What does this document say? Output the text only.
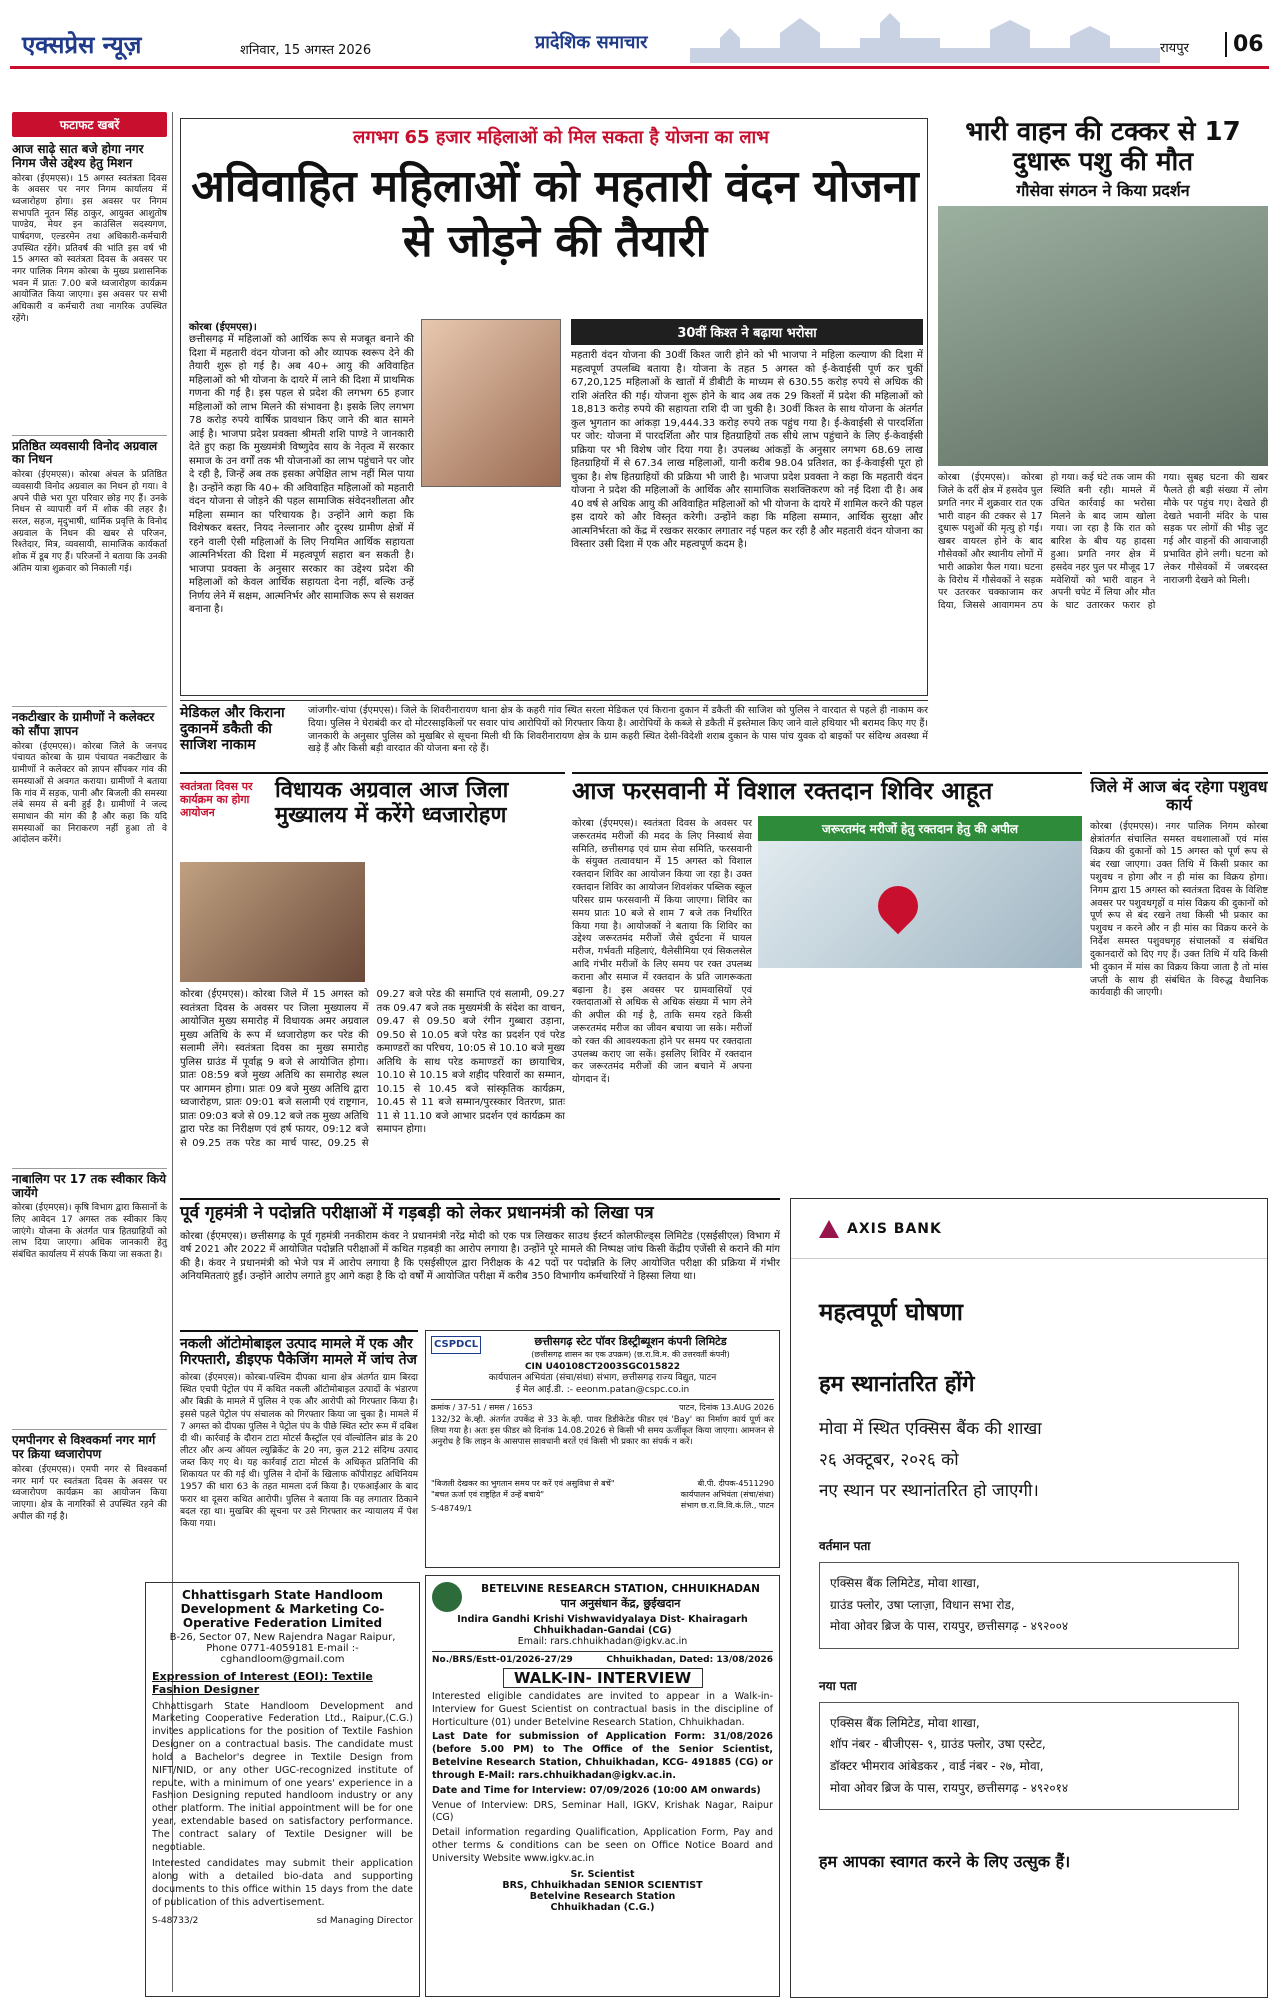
एक्सप्रेस न्यूज़	शनिवार, 15 अगस्त 2026	प्रादेशिक समाचार	रायपुर	06
फटाफट खबरें
आज साढ़े सात बजे होगा नगर निगम जैसे उद्देश्य हेतु मिशन
कोरबा (ईएमएस)। 15 अगस्त स्वतंत्रता दिवस के अवसर पर नगर निगम कार्यालय में ध्वजारोहण होगा। इस अवसर पर निगम सभापति नूतन सिंह ठाकुर, आयुक्त आशुतोष पाण्डेय, मेयर इन काउंसिल सदस्यगण, पार्षदगण, एल्डरमेन तथा अधिकारी-कर्मचारी उपस्थित रहेंगे। प्रतिवर्ष की भांति इस वर्ष भी 15 अगस्त को स्वतंत्रता दिवस के अवसर पर नगर पालिक निगम कोरबा के मुख्य प्रशासनिक भवन में प्रातः 7.00 बजे ध्वजारोहण कार्यक्रम आयोजित किया जाएगा। इस अवसर पर सभी अधिकारी व कर्मचारी तथा नागरिक उपस्थित रहेंगे।
प्रतिष्ठित व्यवसायी विनोद अग्रवाल का निधन
कोरबा (ईएमएस)। कोरबा अंचल के प्रतिष्ठित व्यवसायी विनोद अग्रवाल का निधन हो गया। वे अपने पीछे भरा पूरा परिवार छोड़ गए हैं। उनके निधन से व्यापारी वर्ग में शोक की लहर है। सरल, सहज, मृदुभाषी, धार्मिक प्रवृत्ति के विनोद अग्रवाल के निधन की खबर से परिजन, रिश्तेदार, मित्र, व्यवसायी, सामाजिक कार्यकर्ता शोक में डूब गए हैं। परिजनों ने बताया कि उनकी अंतिम यात्रा शुक्रवार को निकाली गई।
नकटीखार के ग्रामीणों ने कलेक्टर को सौंपा ज्ञापन
कोरबा (ईएमएस)। कोरबा जिले के जनपद पंचायत कोरबा के ग्राम पंचायत नकटीखार के ग्रामीणों ने कलेक्टर को ज्ञापन सौंपकर गांव की समस्याओं से अवगत कराया। ग्रामीणों ने बताया कि गांव में सड़क, पानी और बिजली की समस्या लंबे समय से बनी हुई है। ग्रामीणों ने जल्द समाधान की मांग की है और कहा कि यदि समस्याओं का निराकरण नहीं हुआ तो वे आंदोलन करेंगे।
नाबालिग पर 17 तक स्वीकार किये जायेंगे
कोरबा (ईएमएस)। कृषि विभाग द्वारा किसानों के लिए आवेदन 17 अगस्त तक स्वीकार किए जाएंगे। योजना के अंतर्गत पात्र हितग्राहियों को लाभ दिया जाएगा। अधिक जानकारी हेतु संबंधित कार्यालय में संपर्क किया जा सकता है।
एमपीनगर से विश्वकर्मा नगर मार्ग पर क्रिया ध्वजारोपण
कोरबा (ईएमएस)। एमपी नगर से विश्वकर्मा नगर मार्ग पर स्वतंत्रता दिवस के अवसर पर ध्वजारोपण कार्यक्रम का आयोजन किया जाएगा। क्षेत्र के नागरिकों से उपस्थित रहने की अपील की गई है।
लगभग 65 हजार महिलाओं को मिल सकता है योजना का लाभ
अविवाहित महिलाओं को महतारी वंदन योजना से जोड़ने की तैयारी
कोरबा (ईएमएस)।
छत्तीसगढ़ में महिलाओं को आर्थिक रूप से मजबूत बनाने की दिशा में महतारी वंदन योजना को और व्यापक स्वरूप देने की तैयारी शुरू हो गई है। अब 40+ आयु की अविवाहित महिलाओं को भी योजना के दायरे में लाने की दिशा में प्राथमिक गणना की गई है। इस पहल से प्रदेश की लगभग 65 हजार महिलाओं को लाभ मिलने की संभावना है। इसके लिए लगभग 78 करोड़ रुपये वार्षिक प्रावधान किए जाने की बात सामने आई है। भाजपा प्रदेश प्रवक्ता श्रीमती शशि पाण्डे ने जानकारी देते हुए कहा कि मुख्यमंत्री विष्णुदेव साय के नेतृत्व में सरकार समाज के उन वर्गों तक भी योजनाओं का लाभ पहुंचाने पर जोर दे रही है, जिन्हें अब तक इसका अपेक्षित लाभ नहीं मिल पाया है। उन्होंने कहा कि 40+ की अविवाहित महिलाओं को महतारी वंदन योजना से जोड़ने की पहल सामाजिक संवेदनशीलता और महिला सम्मान का परिचायक है। उन्होंने आगे कहा कि विशेषकर बस्तर, नियद नेल्लानार और दूरस्थ ग्रामीण क्षेत्रों में रहने वाली ऐसी महिलाओं के लिए नियमित आर्थिक सहायता आत्मनिर्भरता की दिशा में महत्वपूर्ण सहारा बन सकती है। भाजपा प्रवक्ता के अनुसार सरकार का उद्देश्य प्रदेश की महिलाओं को केवल आर्थिक सहायता देना नहीं, बल्कि उन्हें निर्णय लेने में सक्षम, आत्मनिर्भर और सामाजिक रूप से सशक्त बनाना है।
30वीं किश्त ने बढ़ाया भरोसा
महतारी वंदन योजना की 30वीं किश्त जारी होने को भी भाजपा ने महिला कल्याण की दिशा में महत्वपूर्ण उपलब्धि बताया है। योजना के तहत 5 अगस्त को ई-केवाईसी पूर्ण कर चुकीं 67,20,125 महिलाओं के खातों में डीबीटी के माध्यम से 630.55 करोड़ रुपये से अधिक की राशि अंतरित की गई। योजना शुरू होने के बाद अब तक 29 किश्तों में प्रदेश की महिलाओं को 18,813 करोड़ रुपये की सहायता राशि दी जा चुकी है। 30वीं किश्त के साथ योजना के अंतर्गत कुल भुगतान का आंकड़ा 19,444.33 करोड़ रुपये तक पहुंच गया है। ई-केवाईसी से पारदर्शिता पर जोर: योजना में पारदर्शिता और पात्र हितग्राहियों तक सीधे लाभ पहुंचाने के लिए ई-केवाईसी प्रक्रिया पर भी विशेष जोर दिया गया है। उपलब्ध आंकड़ों के अनुसार लगभग 68.69 लाख हितग्राहियों में से 67.34 लाख महिलाओं, यानी करीब 98.04 प्रतिशत, का ई-केवाईसी पूरा हो चुका है। शेष हितग्राहियों की प्रक्रिया भी जारी है। भाजपा प्रदेश प्रवक्ता ने कहा कि महतारी वंदन योजना ने प्रदेश की महिलाओं के आर्थिक और सामाजिक सशक्तिकरण को नई दिशा दी है। अब 40 वर्ष से अधिक आयु की अविवाहित महिलाओं को भी योजना के दायरे में शामिल करने की पहल इस दायरे को और विस्तृत करेगी। उन्होंने कहा कि महिला सम्मान, आर्थिक सुरक्षा और आत्मनिर्भरता को केंद्र में रखकर सरकार लगातार नई पहल कर रही है और महतारी वंदन योजना का विस्तार उसी दिशा में एक और महत्वपूर्ण कदम है।
भारी वाहन की टक्कर से 17 दुधारू पशु की मौत
गौसेवा संगठन ने किया प्रदर्शन
कोरबा (ईएमएस)। कोरबा जिले के दर्री क्षेत्र में हसदेव पुल प्रगति नगर में शुक्रवार रात एक भारी वाहन की टक्कर से 17 दुधारू पशुओं की मृत्यु हो गई। खबर वायरल होने के बाद गौसेवकों और स्थानीय लोगों में भारी आक्रोश फैल गया। घटना के विरोध में गौसेवकों ने सड़क पर उतरकर चक्काजाम कर दिया, जिससे आवागमन ठप हो गया। कई घंटे तक जाम की स्थिति बनी रही। मामले में उचित कार्रवाई का भरोसा मिलने के बाद जाम खोला गया। जा रहा है कि रात को बारिश के बीच यह हादसा हुआ। प्रगति नगर क्षेत्र में हसदेव नहर पुल पर मौजूद 17 मवेशियों को भारी वाहन ने अपनी चपेट में लिया और मौत के घाट उतारकर फरार हो गया। सुबह घटना की खबर फैलते ही बड़ी संख्या में लोग मौके पर पहुंच गए। देखते ही देखते भवानी मंदिर के पास सड़क पर लोगों की भीड़ जुट गई और वाहनों की आवाजाही प्रभावित होने लगी। घटना को लेकर गौसेवकों में जबरदस्त नाराजगी देखने को मिली।
मेडिकल और किराना दुकानमें डकैती की साजिश नाकाम
जांजगीर-चांपा (ईएमएस)। जिले के शिवरीनारायण थाना क्षेत्र के कहरी गांव स्थित सरला मेडिकल एवं किराना दुकान में डकैती की साजिश को पुलिस ने वारदात से पहले ही नाकाम कर दिया। पुलिस ने घेराबंदी कर दो मोटरसाइकिलों पर सवार पांच आरोपियों को गिरफ्तार किया है। आरोपियों के कब्जे से डकैती में इस्तेमाल किए जाने वाले हथियार भी बरामद किए गए हैं। जानकारी के अनुसार पुलिस को मुखबिर से सूचना मिली थी कि शिवरीनारायण क्षेत्र के ग्राम कहरी स्थित देसी-विदेशी शराब दुकान के पास पांच युवक दो बाइकों पर संदिग्ध अवस्था में खड़े हैं और किसी बड़ी वारदात की योजना बना रहे हैं।
स्वतंत्रता दिवस पर कार्यक्रम का होगा आयोजन
विधायक अग्रवाल आज जिला मुख्यालय में करेंगे ध्वजारोहण
कोरबा (ईएमएस)। कोरबा जिले में 15 अगस्त को स्वतंत्रता दिवस के अवसर पर जिला मुख्यालय में आयोजित मुख्य समारोह में विधायक अमर अग्रवाल मुख्य अतिथि के रूप में ध्वजारोहण कर परेड की सलामी लेंगे। स्वतंत्रता दिवस का मुख्य समारोह पुलिस ग्राउंड में पूर्वाह्न 9 बजे से आयोजित होगा। प्रातः 08:59 बजे मुख्य अतिथि का समारोह स्थल पर आगमन होगा। प्रातः 09 बजे मुख्य अतिथि द्वारा ध्वजारोहण, प्रातः 09:01 बजे सलामी एवं राष्ट्रगान, प्रातः 09:03 बजे से 09.12 बजे तक मुख्य अतिथि द्वारा परेड का निरीक्षण एवं हर्ष फायर, 09:12 बजे से 09.25 तक परेड का मार्च पास्ट, 09.25 से 09.27 बजे परेड की समाप्ति एवं सलामी, 09.27 तक 09.47 बजे तक मुख्यमंत्री के संदेश का वाचन, 09.47 से 09.50 बजे रंगीन गुब्बारा उड़ाना, 09.50 से 10.05 बजे परेड का प्रदर्शन एवं परेड कमाण्डरों का परिचय, 10:05 से 10.10 बजे मुख्य अतिथि के साथ परेड कमाण्डरों का छायाचित्र, 10.10 से 10.15 बजे शहीद परिवारों का सम्मान, 10.15 से 10.45 बजे सांस्कृतिक कार्यक्रम, 10.45 से 11 बजे सम्मान/पुरस्कार वितरण, प्रातः 11 से 11.10 बजे आभार प्रदर्शन एवं कार्यक्रम का समापन होगा।
आज फरसवानी में विशाल रक्तदान शिविर आहूत
कोरबा (ईएमएस)। स्वतंत्रता दिवस के अवसर पर जरूरतमंद मरीजों की मदद के लिए निस्वार्थ सेवा समिति, छत्तीसगढ़ एवं ग्राम सेवा समिति, फरसवानी के संयुक्त तत्वावधान में 15 अगस्त को विशाल रक्तदान शिविर का आयोजन किया जा रहा है। उक्त रक्तदान शिविर का आयोजन शिवशंकर पब्लिक स्कूल परिसर ग्राम फरसवानी में किया जाएगा। शिविर का समय प्रातः 10 बजे से शाम 7 बजे तक निर्धारित किया गया है। आयोजकों ने बताया कि शिविर का उद्देश्य जरूरतमंद मरीजों जैसे दुर्घटना में घायल मरीज, गर्भवती महिलाएं, थैलेसीमिया एवं सिकलसेल आदि गंभीर मरीजों के लिए समय पर रक्त उपलब्ध कराना और समाज में रक्तदान के प्रति जागरूकता बढ़ाना है। इस अवसर पर ग्रामवासियों एवं रक्तदाताओं से अधिक से अधिक संख्या में भाग लेने की अपील की गई है, ताकि समय रहते किसी जरूरतमंद मरीज का जीवन बचाया जा सके। मरीजों को रक्त की आवश्यकता होने पर समय पर रक्तदाता उपलब्ध कराए जा सकें। इसलिए शिविर में रक्तदान कर जरूरतमंद मरीजों की जान बचाने में अपना योगदान दें।
जरूरतमंद मरीजों हेतु रक्तदान हेतु की अपील
जिले में आज बंद रहेगा पशुवध कार्य
कोरबा (ईएमएस)। नगर पालिक निगम कोरबा क्षेत्रांतर्गत संचालित समस्त वधशालाओं एवं मांस विक्रय की दुकानों को 15 अगस्त को पूर्ण रूप से बंद रखा जाएगा। उक्त तिथि में किसी प्रकार का पशुवध न होगा और न ही मांस का विक्रय होगा। निगम द्वारा 15 अगस्त को स्वतंत्रता दिवस के विशिष्ट अवसर पर पशुवधगृहों व मांस विक्रय की दुकानों को पूर्ण रूप से बंद रखने तथा किसी भी प्रकार का पशुवध न करने और न ही मांस का विक्रय करने के निर्देश समस्त पशुवधगृह संचालकों व संबंधित दुकानदारों को दिए गए हैं। उक्त तिथि में यदि किसी भी दुकान में मांस का विक्रय किया जाता है तो मांस जप्ती के साथ ही संबंधित के विरुद्ध वैधानिक कार्यवाही की जाएगी।
पूर्व गृहमंत्री ने पदोन्नति परीक्षाओं में गड़बड़ी को लेकर प्रधानमंत्री को लिखा पत्र
कोरबा (ईएमएस)। छत्तीसगढ़ के पूर्व गृहमंत्री ननकीराम कंवर ने प्रधानमंत्री नरेंद्र मोदी को एक पत्र लिखकर साउथ ईस्टर्न कोलफील्ड्स लिमिटेड (एसईसीएल) विभाग में वर्ष 2021 और 2022 में आयोजित पदोन्नति परीक्षाओं में कथित गड़बड़ी का आरोप लगाया है। उन्होंने पूरे मामले की निष्पक्ष जांच किसी केंद्रीय एजेंसी से कराने की मांग की है। कंवर ने प्रधानमंत्री को भेजे पत्र में आरोप लगाया है कि एसईसीएल द्वारा निरीक्षक के 42 पदों पर पदोन्नति के लिए आयोजित परीक्षा की प्रक्रिया में गंभीर अनियमितताएं हुईं। उन्होंने आरोप लगाते हुए आगे कहा है कि दो वर्षों में आयोजित परीक्षा में करीब 350 विभागीय कर्मचारियों ने हिस्सा लिया था।
नकली ऑटोमोबाइल उत्पाद मामले में एक और गिरफ्तारी, डीइएफ पैकेजिंग मामले में जांच तेज
कोरबा (ईएमएस)। कोरबा-पश्चिम दीपका थाना क्षेत्र अंतर्गत ग्राम बिरदा स्थित एचपी पेट्रोल पंप में कथित नकली ऑटोमोबाइल उत्पादों के भंडारण और बिक्री के मामले में पुलिस ने एक और आरोपी को गिरफ्तार किया है। इससे पहले पेट्रोल पंप संचालक को गिरफ्तार किया जा चुका है। मामले में 7 अगस्त को दीपका पुलिस ने पेट्रोल पंप के पीछे स्थित स्टोर रूम में दबिश दी थी। कार्रवाई के दौरान टाटा मोटर्स कैस्ट्रॉल एवं वॉल्वोलिन ब्रांड के 20 लीटर और अन्य ऑयल ल्युब्रिकेंट के 20 नग, कुल 212 संदिग्ध उत्पाद जब्त किए गए थे। यह कार्रवाई टाटा मोटर्स के अधिकृत प्रतिनिधि की शिकायत पर की गई थी। पुलिस ने दोनों के खिलाफ कॉपीराइट अधिनियम 1957 की धारा 63 के तहत मामला दर्ज किया है। एफआईआर के बाद फरार था दूसरा कथित आरोपी। पुलिस ने बताया कि वह लगातार ठिकाने बदल रहा था। मुखबिर की सूचना पर उसे गिरफ्तार कर न्यायालय में पेश किया गया।
Chhattisgarh State Handloom Development & Marketing Co-Operative Federation Limited
B-26, Sector 07, New Rajendra Nagar Raipur,
Phone 0771-4059181 E-mail :- cghandloom@gmail.com
Expression of Interest (EOI): Textile Fashion Designer
Chhattisgarh State Handloom Development and Marketing Cooperative Federation Ltd., Raipur,(C.G.) invites applications for the position of Textile Fashion Designer on a contractual basis. The candidate must hold a Bachelor's degree in Textile Design from NIFT/NID, or any other UGC-recognized institute of repute, with a minimum of one years' experience in a Fashion Designing reputed handloom industry or any other platform. The initial appointment will be for one year, extendable based on satisfactory performance. The contract salary of Textile Designer will be negotiable.
Interested candidates may submit their application along with a detailed bio-data and supporting documents to this office within 15 days from the date of publication of this advertisement.
S-48733/2	sd Managing Director
CSPDCL	छत्तीसगढ़ स्टेट पॉवर डिस्ट्रीब्यूशन कंपनी लिमिटेड
(छत्तीसगढ़ शासन का एक उपक्रम) (छ.रा.वि.म. की उत्तरवर्ती कंपनी)
CIN U40108CT2003SGC015822
कार्यपालन अभियंता (संचा/संधा) संभाग, छत्तीसगढ़ राज्य विद्युत, पाटन
ई मेल आई.डी. :- eeonm.patan@cspc.co.in
क्रमांक / 37-51 / समस / 1653	पाटन, दिनांक 13.AUG 2026
132/32 के.व्ही. अंतर्गत उपकेंद्र से 33 के.व्ही. पावर डिडीकेटेड फीडर एवं 'Bay' का निर्माण कार्य पूर्ण कर लिया गया है। अतः इस फीडर को दिनांक 14.08.2026 से किसी भी समय ऊर्जीकृत किया जाएगा। आमजन से अनुरोध है कि लाइन के आसपास सावधानी बरतें एवं किसी भी प्रकार का संपर्क न करें।
"बिजली देखकर का भुगतान समय पर करें एवं असुविधा से बचें"
"बचत ऊर्जा एवं राष्ट्रहित में उन्हें बचाये"
S-48749/1
बी.पी. दीपक-4511290
कार्यपालन अभियंता (संचा/संधा)
संभाग छ.रा.वि.वि.कं.लि., पाटन
BETELVINE RESEARCH STATION, CHHUIKHADAN
पान अनुसंधान केंद्र, छुईखदान
Indira Gandhi Krishi Vishwavidyalaya Dist- Khairagarh Chhuikhadan-Gandai (CG)
Email: rars.chhuikhadan@igkv.ac.in
No./BRS/Estt-01/2026-27/29	Chhuikhadan, Dated: 13/08/2026
WALK-IN- INTERVIEW
Interested eligible candidates are invited to appear in a Walk-in-Interview for Guest Scientist on contractual basis in the discipline of Horticulture (01) under Betelvine Research Station, Chhuikhadan.
Last Date for submission of Application Form: 31/08/2026 (before 5.00 PM) to The Office of the Senior Scientist, Betelvine Research Station, Chhuikhadan, KCG- 491885 (CG) or through E-Mail: rars.chhuikhadan@igkv.ac.in.
Date and Time for Interview: 07/09/2026 (10:00 AM onwards)
Venue of Interview: DRS, Seminar Hall, IGKV, Krishak Nagar, Raipur (CG)
Detail information regarding Qualification, Application Form, Pay and other terms & conditions can be seen on Office Notice Board and University Website www.igkv.ac.in
Sr. Scientist
BRS, Chhuikhadan SENIOR SCIENTIST
Betelvine Research Station
Chhuikhadan (C.G.)
AXIS BANK
महत्वपूर्ण घोषणा
हम स्थानांतरित होंगे
मोवा में स्थित एक्सिस बैंक की शाखा
२६ अक्टूबर, २०२६ को
नए स्थान पर स्थानांतरित हो जाएगी।
वर्तमान पता
एक्सिस बैंक लिमिटेड, मोवा शाखा,
ग्राउंड फ्लोर, उषा प्लाज़ा, विधान सभा रोड,
मोवा ओवर ब्रिज के पास, रायपुर, छत्तीसगढ़ - ४९२००४
नया पता
एक्सिस बैंक लिमिटेड, मोवा शाखा,
शॉप नंबर - बीजीएस- ९, ग्राउंड फ्लोर, उषा एस्टेट,
डॉक्टर भीमराव आंबेडकर , वार्ड नंबर - २७, मोवा,
मोवा ओवर ब्रिज के पास, रायपुर, छत्तीसगढ़ - ४९२०१४
हम आपका स्वागत करने के लिए उत्सुक हैं।
